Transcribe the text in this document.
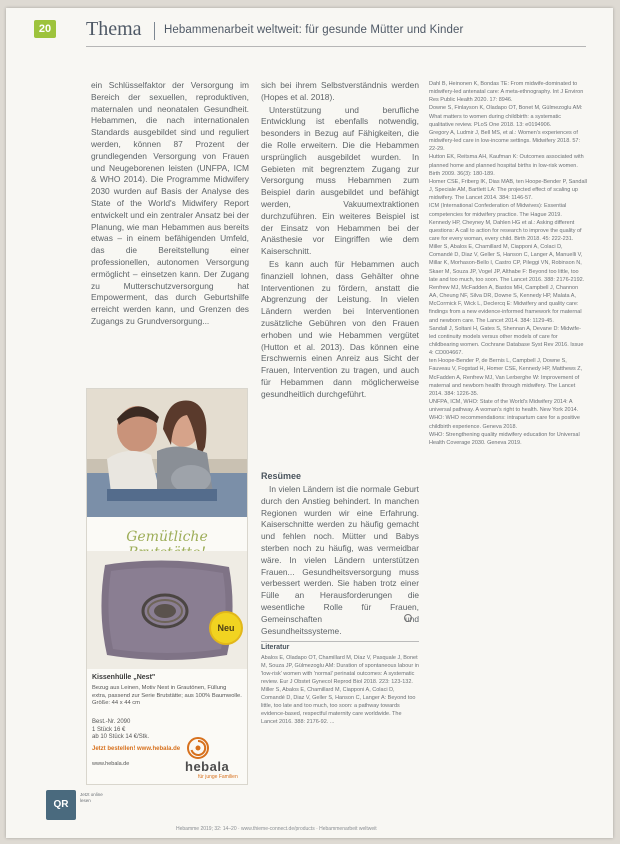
20 Thema Hebammenarbeit weltweit: für gesunde Mütter und Kinder

ein Schlüsselfaktor der Versorgung im Bereich der sexuellen, reproduktiven, maternalen und neonatalen Gesundheit. Hebammen, die nach internationalen Standards ausgebildet sind und reguliert werden, können 87 Prozent der grundlegenden Versorgung von Frauen und Neugeborenen leisten (UNFPA, ICM & WHO 2014). Die Programme Midwifery 2030 wurden auf Basis der Analyse des State of the World's Midwifery Report entwickelt und ein zentraler Ansatz bei der Planung, wie man Hebammen aus bereits etwas – in einem befähigenden Umfeld, das die Bereitstellung einer professionellen, autonomen Versorgung ermöglicht – einsetzen kann. Der Zugang zu Mutterschutzversorgung hat Empowerment, das durch Geburtshilfe erreicht werden kann, und Grenzen des Zugangs zu Grundversorgung...

sich bei ihrem Selbstverständnis werden (Hopes et al. 2018).

Unterstützung und berufliche Entwicklung ist ebenfalls notwendig, besonders in Bezug auf Fähigkeiten, die die Rolle erweitern. Die die Hebammen ursprünglich ausgebildet wurden. In Gebieten mit begrenztem Zugang zur Versorgung muss Hebammen zum Beispiel darin ausgebildet und befähigt werden, Vakuumextraktionen durchzuführen. Ein weiteres Beispiel ist der Einsatz von Hebammen bei der Anästhesie vor Eingriffen wie dem Kaiserschnitt.

Es kann auch für Hebammen auch finanziell lohnen, dass Gehälter ohne Interventionen zu fördern, anstatt die Abgrenzung der Leistung. In vielen Ländern werden bei Interventionen zusätzliche Gebühren von den Frauen erhoben und wie Hebammen vergütet (Hutton et al. 2013). Das können eine Erschwernis einen Anreiz aus Sicht der Frauen, Intervention zu tragen, und auch für Hebammen dann möglicherweise gesundheitlich durchgeführt.

Resümee

In vielen Ländern ist die normale Geburt durch den Anstieg behindert. In manchen Regionen wurden wir eine Erfahrung. Kaiserschnitte werden zu häufig gemacht und fehlen noch. Mütter und Babys sterben noch zu häufig, was vermeidbar wäre. In vielen Ländern unterstützen Frauen... Gesundheitsversorgung muss verbessert werden. Sie haben trotz einer Fülle an Herausforderungen die wesentliche Rolle für Frauen, Gemeinschaften und Gesundheitssysteme.

Literatur
Abalos E, Oladapo OT, Chamillard M, Díaz V, Pasquale J, Bonet M, Souza JP, Gülmezoglu AM: Duration of spontaneous labour in 'low-risk' women with 'normal' perinatal outcomes: A systematic review. Eur J Obstet Gynecol Reprod Biol 2018. 223: 123-132. Miller S, Abalos E, Chamillard M, Ciapponi A, Colaci D, Comandé D, Diaz V, Geller S, Hanson C, Langer A: Beyond too little, too late and too much, too soon: a pathway towards evidence-based, respectful maternity care worldwide. The Lancet 2016. 388: 2176-92. ...
Dahl B, Heinonen K, Bondas TE: From midwife-dominated to midwifery-led antenatal care: A meta-ethnography. Int J Environ Res Public Health 2020. 17: 8946.
Downe S, Finlayson K, Oladapo OT, Bonet M, Gülmezoglu AM: What matters to women during childbirth: a systematic qualitative review. PLoS One 2018. 13: e0194906.
Gregory A, Ludmir J, Bell MS, et al.: Women's experiences of midwifery-led care in low-income settings. Midwifery 2018. 57: 22-29.
Hutton EK, Reitsma AH, Kaufman K: Outcomes associated with planned home and planned hospital births in low-risk women. Birth 2009. 36(3): 180-189.
Homer CSE, Friberg IK, Dias MAB, ten Hoope-Bender P, Sandall J, Speciale AM, Bartlett LA: The projected effect of scaling up midwifery. The Lancet 2014. 384: 1146-57.
ICM (International Confederation of Midwives): Essential competencies for midwifery practice. The Hague 2019.
Kennedy HP, Cheyney M, Dahlen HG et al.: Asking different questions: A call to action for research to improve the quality of care for every woman, every child. Birth 2018. 45: 222-231.
Miller S, Abalos E, Chamillard M, Ciapponi A, Colaci D, Comandé D, Diaz V, Geller S, Hanson C, Langer A, Manuelli V, Millar K, Morhason-Bello I, Castro CP, Pileggi VN, Robinson N, Skaer M, Souza JP, Vogel JP, Althabe F: Beyond too little, too late and too much, too soon. The Lancet 2016. 388: 2176-2192.
Renfrew MJ, McFadden A, Bastos MH, Campbell J, Channon AA, Cheung NF, Silva DR, Downe S, Kennedy HP, Malata A, McCormick F, Wick L, Declercq E: Midwifery and quality care: findings from a new evidence-informed framework for maternal and newborn care. The Lancet 2014. 384: 1129-45.
Sandall J, Soltani H, Gates S, Shennan A, Devane D: Midwife-led continuity models versus other models of care for childbearing women. Cochrane Database Syst Rev 2016. Issue 4: CD004667.
ten Hoope-Bender P, de Bernis L, Campbell J, Downe S, Fauveau V, Fogstad H, Homer CSE, Kennedy HP, Matthews Z, McFadden A, Renfrew MJ, Van Lerberghe W: Improvement of maternal and newborn health through midwifery. The Lancet 2014. 384: 1226-35.
UNFPA, ICM, WHO: State of the World's Midwifery 2014: A universal pathway. A woman's right to health. New York 2014.
WHO: WHO recommendations: intrapartum care for a positive childbirth experience. Geneva 2018.
WHO: Strengthening quality midwifery education for Universal Health Coverage 2030. Geneva 2019.
Gemütliche
Neu
Kissenhülle „Nest"
Bezug aus Leinen, Motiv Nest in Grautönen, Füllung extra, passend zur Serie Brutstätte; aus 100% Baumwolle. Größe: 44 x 44 cm
Best.-Nr. 2090
1 Stück 16 €
ab 10 Stück 14 €/Stk.
Jetzt bestellen! www.hebala.de
www.hebala.de	hebala
für junge Familien
QR
Jetzt online lesen
Hebamme 2019; 32: 14–20 · www.thieme-connect.de/products · Hebammenarbeit weltweit
